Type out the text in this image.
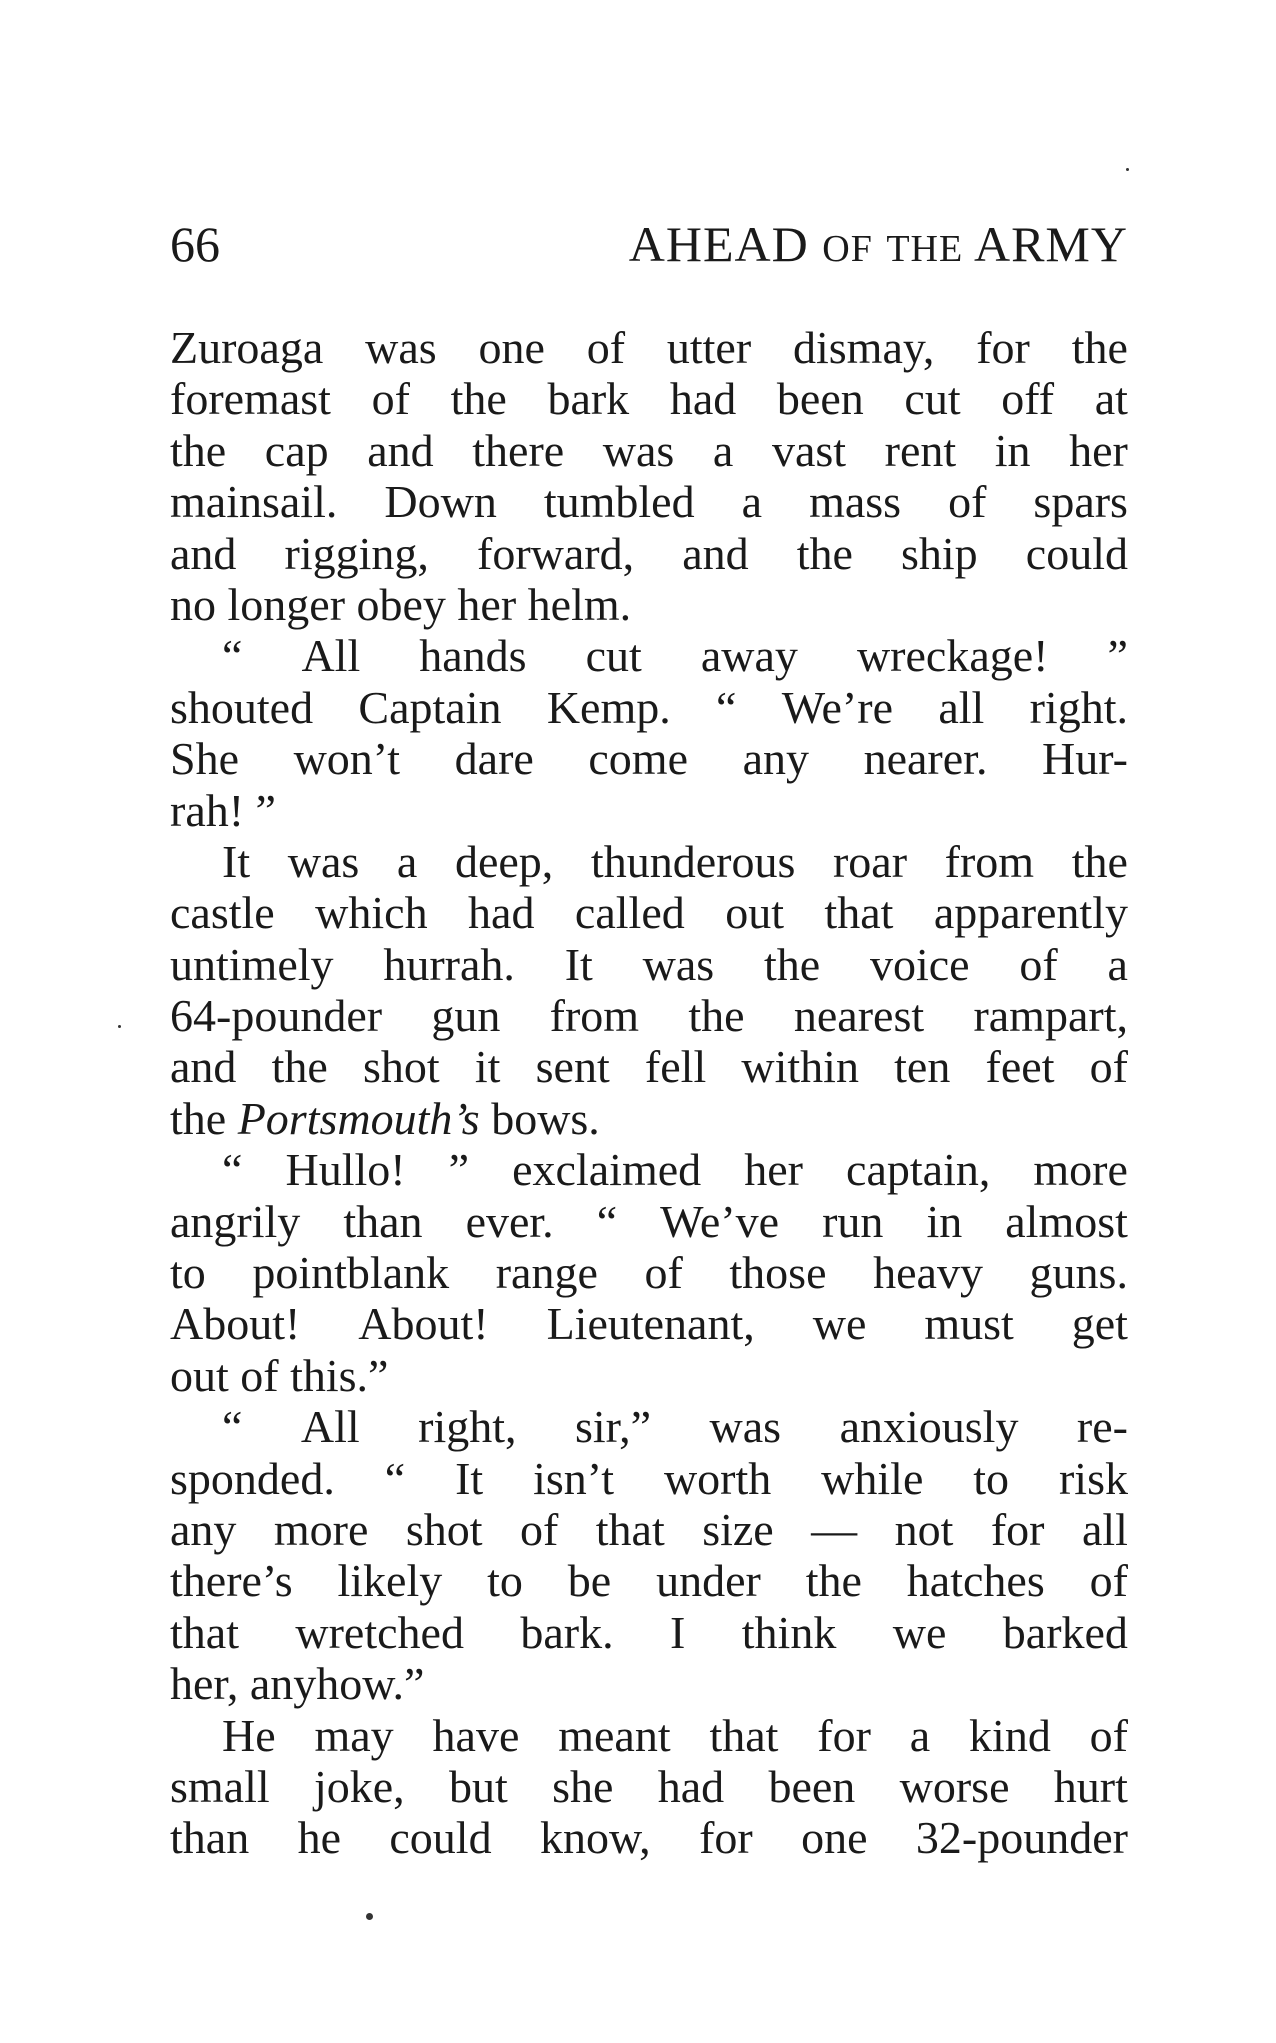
66	AHEAD OF THE ARMY
Zuroaga was one of utter dismay, for the
foremast of the bark had been cut off at
the cap and there was a vast rent in her
mainsail. Down tumbled a mass of spars
and rigging, forward, and the ship could
no longer obey her helm.
“ All hands cut away wreckage! ”
shouted Captain Kemp. “ We’re all right.
She won’t dare come any nearer. Hur-
rah! ”
It was a deep, thunderous roar from the
castle which had called out that apparently
untimely hurrah. It was the voice of a
64-pounder gun from the nearest rampart,
and the shot it sent fell within ten feet of
the
Portsmouth’s
bows.
“ Hullo! ” exclaimed her captain, more
angrily than ever. “ We’ve run in almost
to pointblank range of those heavy guns.
About! About! Lieutenant, we must get
out of this.”
“ All right, sir,” was anxiously re-
sponded. “ It isn’t worth while to risk
any more shot of that size — not for all
there’s likely to be under the hatches of
that wretched bark. I think we barked
her, anyhow.”
He may have meant that for a kind of
small joke, but she had been worse hurt
than he could know, for one 32-pounder
